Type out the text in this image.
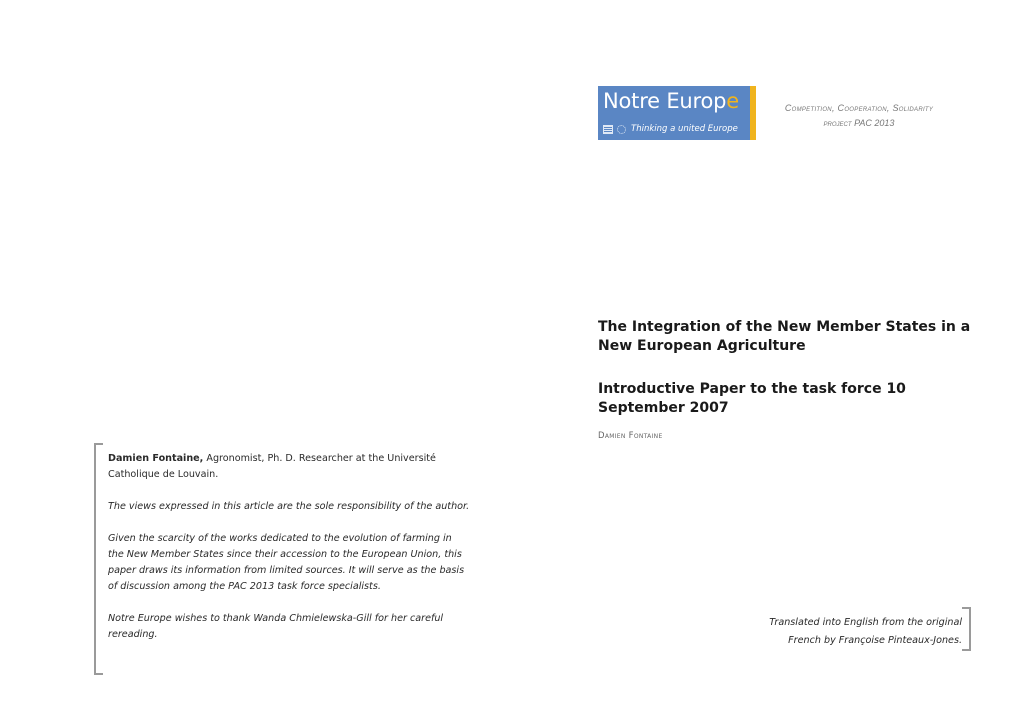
Notre Europe
Thinking a united Europe
Competition, Cooperation, Solidarity
project PAC 2013
The Integration of the New Member States in a
New European Agriculture
Introductive Paper to the task force 10
September 2007
Damien Fontaine

Damien Fontaine, Agronomist, Ph. D. Researcher at the Université
Catholique de Louvain.

The views expressed in this article are the sole responsibility of the author.

Given the scarcity of the works dedicated to the evolution of farming in
the New Member States since their accession to the European Union, this
paper draws its information from limited sources. It will serve as the basis
of discussion among the PAC 2013 task force specialists.

Notre Europe wishes to thank Wanda Chmielewska-Gill for her careful
rereading.

Translated into English from the original
French by Françoise Pinteaux-Jones.
